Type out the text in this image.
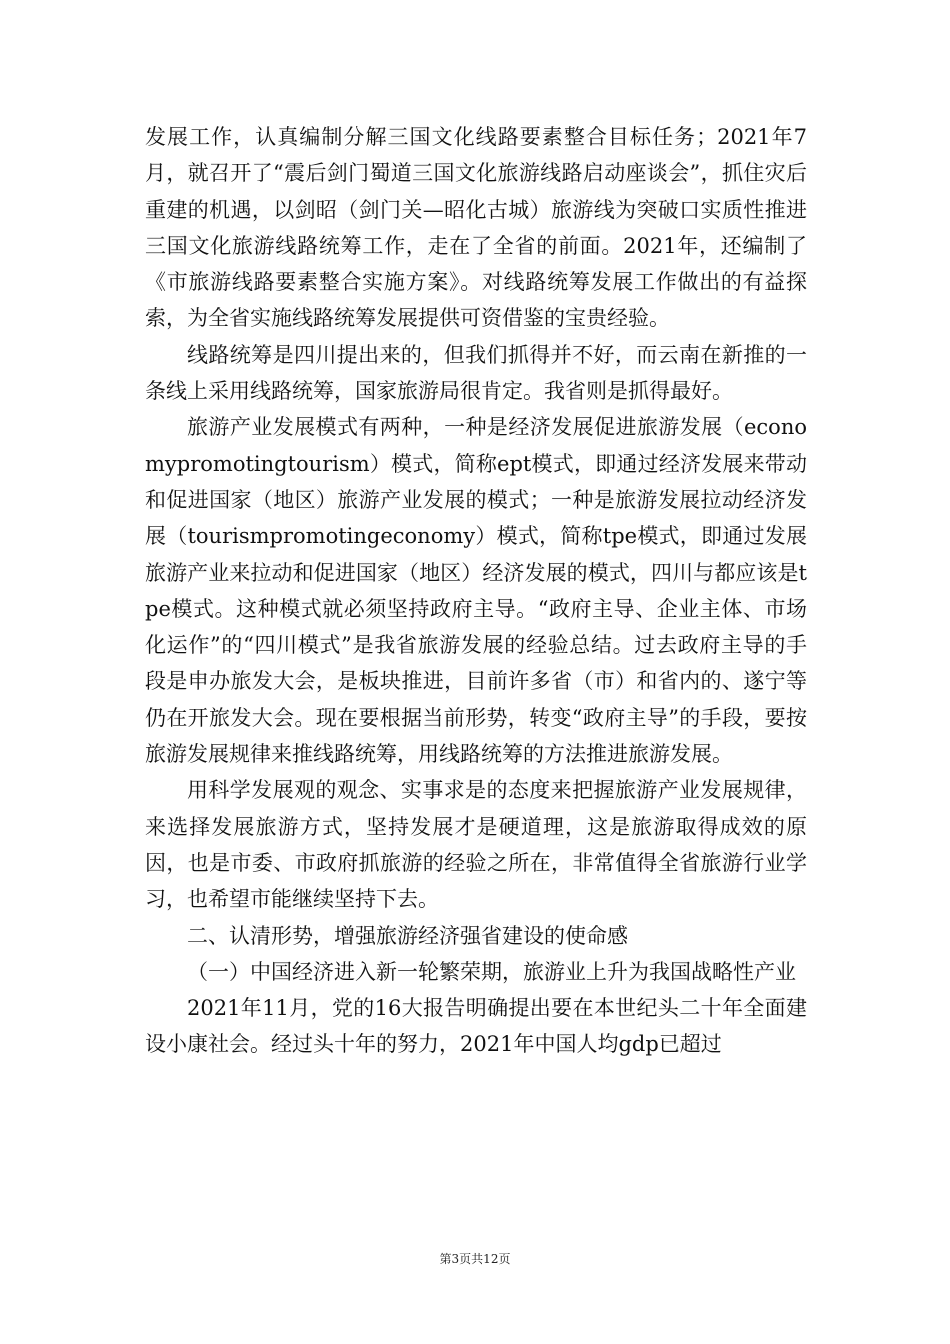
发展工作，认真编制分解三国文化线路要素整合目标任务；2021年7月，就召开了“震后剑门蜀道三国文化旅游线路启动座谈会”，抓住灾后重建的机遇，以剑昭（剑门关—昭化古城）旅游线为突破口实质性推进三国文化旅游线路统筹工作，走在了全省的前面。2021年，还编制了《市旅游线路要素整合实施方案》。对线路统筹发展工作做出的有益探索，为全省实施线路统筹发展提供可资借鉴的宝贵经验。

线路统筹是四川提出来的，但我们抓得并不好，而云南在新推的一条线上采用线路统筹，国家旅游局很肯定。我省则是抓得最好。

旅游产业发展模式有两种，一种是经济发展促进旅游发展（economypromotingtourism）模式，简称ept模式，即通过经济发展来带动和促进国家（地区）旅游产业发展的模式；一种是旅游发展拉动经济发展（tourismpromotingeconomy）模式，简称tpe模式，即通过发展旅游产业来拉动和促进国家（地区）经济发展的模式，四川与都应该是tpe模式。这种模式就必须坚持政府主导。“政府主导、企业主体、市场化运作”的“四川模式”是我省旅游发展的经验总结。过去政府主导的手段是申办旅发大会，是板块推进，目前许多省（市）和省内的、遂宁等仍在开旅发大会。现在要根据当前形势，转变“政府主导”的手段，要按旅游发展规律来推线路统筹，用线路统筹的方法推进旅游发展。

用科学发展观的观念、实事求是的态度来把握旅游产业发展规律，来选择发展旅游方式，坚持发展才是硬道理，这是旅游取得成效的原因，也是市委、市政府抓旅游的经验之所在，非常值得全省旅游行业学习，也希望市能继续坚持下去。

二、认清形势，增强旅游经济强省建设的使命感

（一）中国经济进入新一轮繁荣期，旅游业上升为我国战略性产业

2021年11月，党的16大报告明确提出要在本世纪头二十年全面建设小康社会。经过头十年的努力，2021年中国人均gdp已超过

第3页共12页
